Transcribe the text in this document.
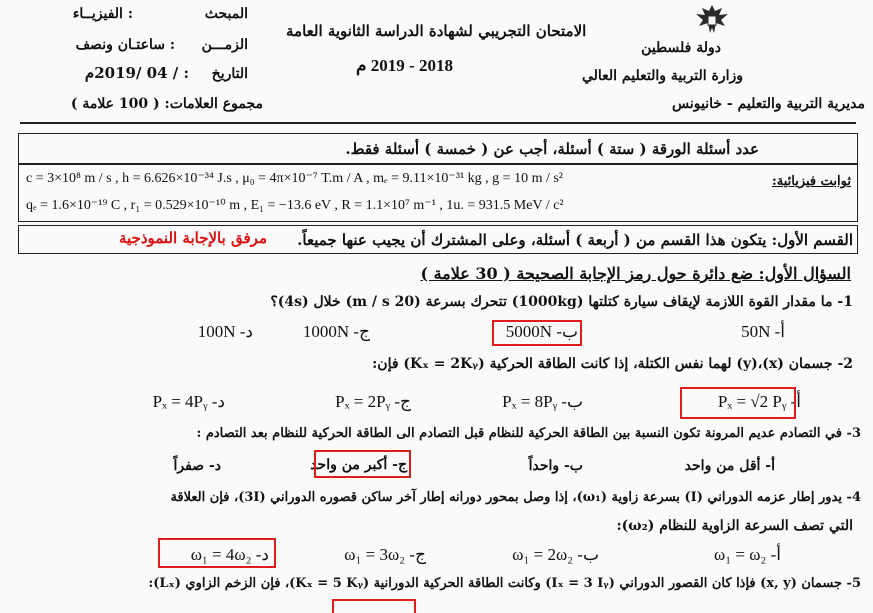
دولة فلسطين
وزارة التربية والتعليم العالي
مديرية التربية والتعليم - خانيونس
الامتحان التجريبي لشهادة الدراسة الثانوية العامة
2018 - 2019 م
المبحث
: الفيزيــاء
الزمـــن
: ساعتـان ونصف
التاريخ
: / 04 /2019م
مجموع العلامات: ( 100 علامة )
عدد أسئلة الورقة ( ستة ) أسئلة، أجب عن ( خمسة ) أسئلة فقط.
ثوابت فيزيائية:
c = 3×10⁸ m / s , h = 6.626×10⁻³⁴ J.s , μ₀ = 4π×10⁻⁷ T.m / A , mₑ = 9.11×10⁻³¹ kg , g = 10 m / s²
qₑ = 1.6×10⁻¹⁹ C , r₁ = 0.529×10⁻¹⁰ m , E₁ = −13.6 eV , R = 1.1×10⁷ m⁻¹ , 1u. = 931.5 MeV / c²
القسم الأول: يتكون هذا القسم من ( أربعة ) أسئلة، وعلى المشترك أن يجيب عنها جميعاً.
مرفق بالإجابة النموذجية
السؤال الأول: ضع دائرة حول رمز الإجابة الصحيحة ( 30 علامة )
1- ما مقدار القوة اللازمة لإيقاف سيارة كتلتها (1000kg) تتحرك بسرعة (20 m / s) خلال (4s)؟
أ- 50N
ب- 5000N
ج- 1000N
د- 100N
2- جسمان (x)،(y) لهما نفس الكتلة، إذا كانت الطاقة الحركية (Kₓ = 2Kᵧ) فإن:
أ- Pₓ = √2 Pᵧ
ب- Pₓ = 8Pᵧ
ج- Pₓ = 2Pᵧ
د- Pₓ = 4Pᵧ
3- في التصادم عديم المرونة تكون النسبة بين الطاقة الحركية للنظام قبل التصادم الى الطاقة الحركية للنظام بعد التصادم :
أ- أقل من واحد
ب- واحداً
ج- أكبر من واحد
د- صفراً
4- يدور إطار عزمه الدوراني (I) بسرعة زاوية (ω₁)، إذا وصل بمحور دورانه إطار آخر ساكن قصوره الدوراني (3I)، فإن العلاقة
التي تصف السرعة الزاوية للنظام (ω₂):
أ- ω₁ = ω₂
ب- ω₁ = 2ω₂
ج- ω₁ = 3ω₂
د- ω₁ = 4ω₂
5- جسمان (x, y) فإذا كان القصور الدوراني (Iₓ = 3 Iᵧ) وكانت الطاقة الحركية الدورانية (Kₓ = 5 Kᵧ)، فإن الزخم الزاوي (Lₓ):
